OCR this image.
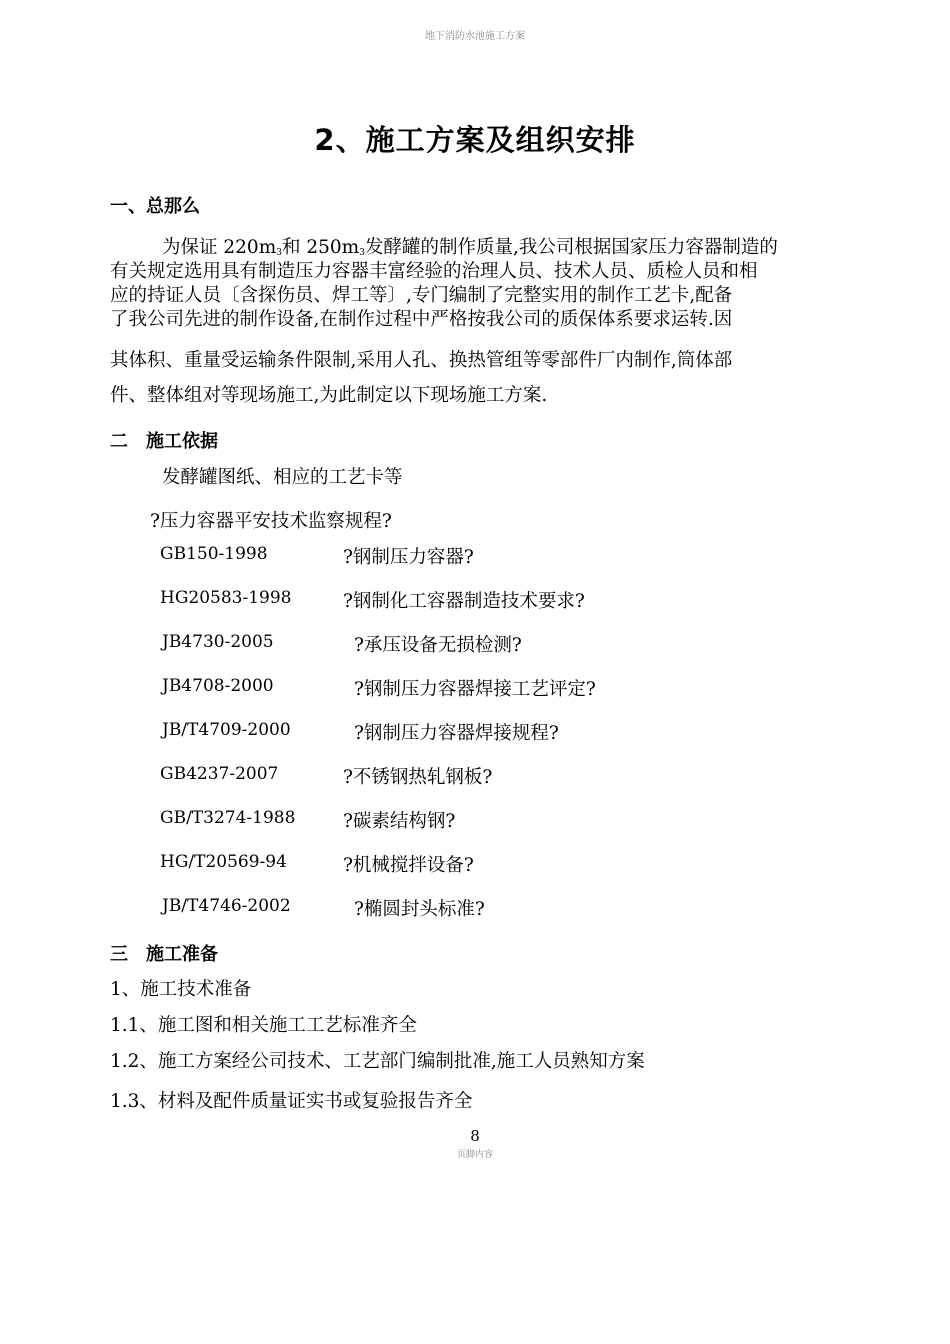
地下消防水池施工方案
2、施工方案及组织安排
一、总那么
为保证 $220m_3$和 $250m_3$发酵罐的制作质量,我公司根据国家压力容器制造的
有关规定选用具有制造压力容器丰富经验的治理人员、技术人员、质检人员和相
应的持证人员〔含探伤员、焊工等〕,专门编制了完整实用的制作工艺卡,配备
了我公司先进的制作设备,在制作过程中严格按我公司的质保体系要求运转.因
其体积、重量受运输条件限制,采用人孔、换热管组等零部件厂内制作,筒体部
件、整体组对等现场施工,为此制定以下现场施工方案.
二　施工依据
发酵罐图纸、相应的工艺卡等
?压力容器平安技术监察规程?
GB150-1998	?钢制压力容器?
HG20583-1998	?钢制化工容器制造技术要求?
JB4730-2005	?承压设备无损检测?
JB4708-2000	?钢制压力容器焊接工艺评定?
JB/T4709-2000	?钢制压力容器焊接规程?
GB4237-2007	?不锈钢热轧钢板?
GB/T3274-1988	?碳素结构钢?
HG/T20569-94	?机械搅拌设备?
JB/T4746-2002	?椭圆封头标准?
三　施工准备
1、施工技术准备
1.1、施工图和相关施工工艺标准齐全
1.2、施工方案经公司技术、工艺部门编制批准,施工人员熟知方案
1.3、材料及配件质量证实书或复验报告齐全
8
页脚内容
